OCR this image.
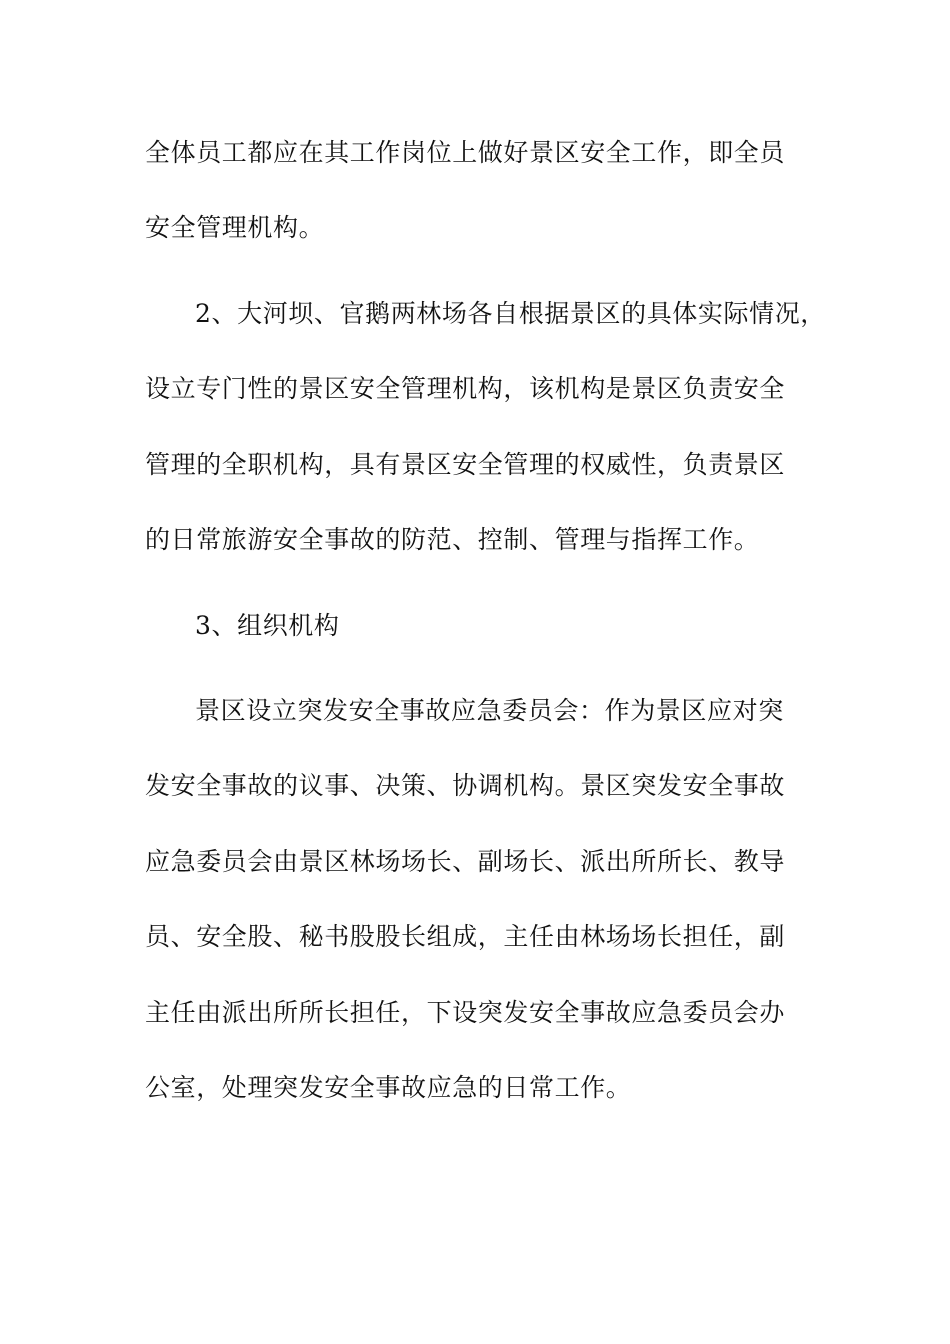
全体员工都应在其工作岗位上做好景区安全工作，即全员
安全管理机构。
2、大河坝、官鹅两林场各自根据景区的具体实际情况，
设立专门性的景区安全管理机构，该机构是景区负责安全
管理的全职机构，具有景区安全管理的权威性，负责景区
的日常旅游安全事故的防范、控制、管理与指挥工作。
3、组织机构
景区设立突发安全事故应急委员会：作为景区应对突
发安全事故的议事、决策、协调机构。景区突发安全事故
应急委员会由景区林场场长、副场长、派出所所长、教导
员、安全股、秘书股股长组成，主任由林场场长担任，副
主任由派出所所长担任，下设突发安全事故应急委员会办
公室，处理突发安全事故应急的日常工作。
